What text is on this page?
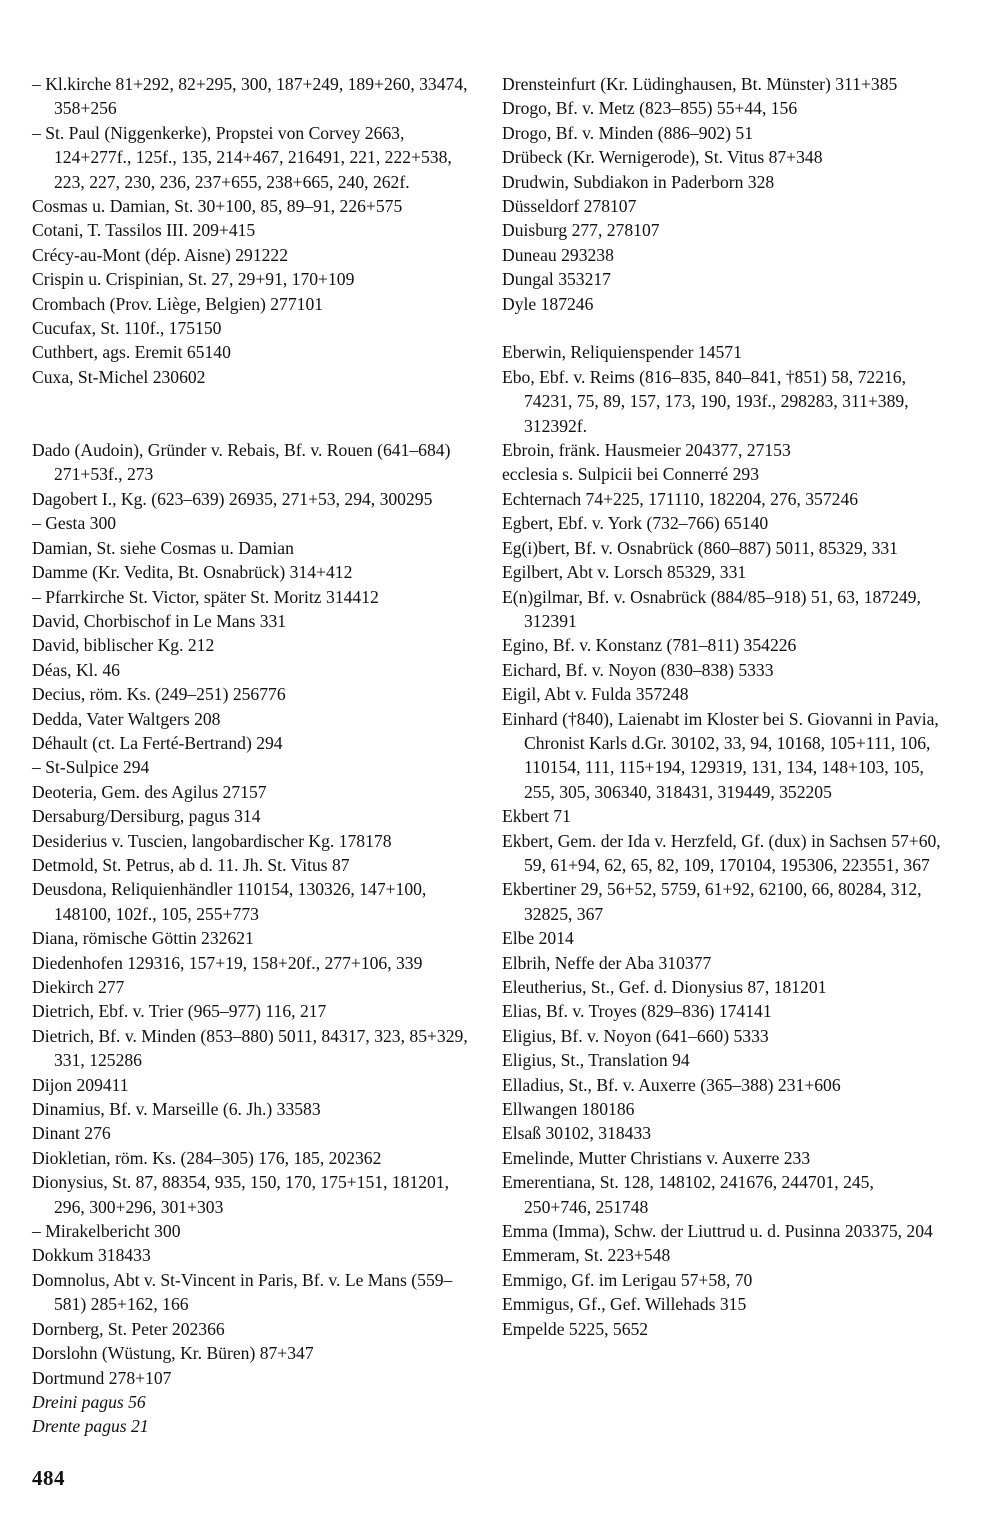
– Kl.kirche 81+292, 82+295, 300, 187+249, 189+260, 33474, 358+256
– St. Paul (Niggenkerke), Propstei von Corvey 2663, 124+277f., 125f., 135, 214+467, 216491, 221, 222+538, 223, 227, 230, 236, 237+655, 238+665, 240, 262f.
Cosmas u. Damian, St. 30+100, 85, 89–91, 226+575
Cotani, T. Tassilos III. 209+415
Crécy-au-Mont (dép. Aisne) 291222
Crispin u. Crispinian, St. 27, 29+91, 170+109
Crombach (Prov. Liège, Belgien) 277101
Cucufax, St. 110f., 175150
Cuthbert, ags. Eremit 65140
Cuxa, St-Michel 230602
Dado (Audoin), Gründer v. Rebais, Bf. v. Rouen (641–684) 271+53f., 273
Dagobert I., Kg. (623–639) 26935, 271+53, 294, 300295
– Gesta 300
Damian, St. siehe Cosmas u. Damian
Damme (Kr. Vedita, Bt. Osnabrück) 314+412
– Pfarrkirche St. Victor, später St. Moritz 314412
David, Chorbischof in Le Mans 331
David, biblischer Kg. 212
Déas, Kl. 46
Decius, röm. Ks. (249–251) 256776
Dedda, Vater Waltgers 208
Déhault (ct. La Ferté-Bertrand) 294
– St-Sulpice 294
Deoteria, Gem. des Agilus 27157
Dersaburg/Dersiburg, pagus 314
Desiderius v. Tuscien, langobardischer Kg. 178178
Detmold, St. Petrus, ab d. 11. Jh. St. Vitus 87
Deusdona, Reliquienhändler 110154, 130326, 147+100, 148100, 102f., 105, 255+773
Diana, römische Göttin 232621
Diedenhofen 129316, 157+19, 158+20f., 277+106, 339
Diekirch 277
Dietrich, Ebf. v. Trier (965–977) 116, 217
Dietrich, Bf. v. Minden (853–880) 5011, 84317, 323, 85+329, 331, 125286
Dijon 209411
Dinamius, Bf. v. Marseille (6. Jh.) 33583
Dinant 276
Diokletian, röm. Ks. (284–305) 176, 185, 202362
Dionysius, St. 87, 88354, 935, 150, 170, 175+151, 181201, 296, 300+296, 301+303
– Mirakelbericht 300
Dokkum 318433
Domnolus, Abt v. St-Vincent in Paris, Bf. v. Le Mans (559–581) 285+162, 166
Dornberg, St. Peter 202366
Dorslohn (Wüstung, Kr. Büren) 87+347
Dortmund 278+107
Dreini pagus 56
Drente pagus 21
Drensteinfurt (Kr. Lüdinghausen, Bt. Münster) 311+385
Drogo, Bf. v. Metz (823–855) 55+44, 156
Drogo, Bf. v. Minden (886–902) 51
Drübeck (Kr. Wernigerode), St. Vitus 87+348
Drudwin, Subdiakon in Paderborn 328
Düsseldorf 278107
Duisburg 277, 278107
Duneau 293238
Dungal 353217
Dyle 187246
Eberwin, Reliquienspender 14571
Ebo, Ebf. v. Reims (816–835, 840–841, †851) 58, 72216, 74231, 75, 89, 157, 173, 190, 193f., 298283, 311+389, 312392f.
Ebroin, fränk. Hausmeier 204377, 27153
ecclesia s. Sulpicii bei Connerré 293
Echternach 74+225, 171110, 182204, 276, 357246
Egbert, Ebf. v. York (732–766) 65140
Eg(i)bert, Bf. v. Osnabrück (860–887) 5011, 85329, 331
Egilbert, Abt v. Lorsch 85329, 331
E(n)gilmar, Bf. v. Osnabrück (884/85–918) 51, 63, 187249, 312391
Egino, Bf. v. Konstanz (781–811) 354226
Eichard, Bf. v. Noyon (830–838) 5333
Eigil, Abt v. Fulda 357248
Einhard (†840), Laienabt im Kloster bei S. Giovanni in Pavia, Chronist Karls d.Gr. 30102, 33, 94, 10168, 105+111, 106, 110154, 111, 115+194, 129319, 131, 134, 148+103, 105, 255, 305, 306340, 318431, 319449, 352205
Ekbert 71
Ekbert, Gem. der Ida v. Herzfeld, Gf. (dux) in Sachsen 57+60, 59, 61+94, 62, 65, 82, 109, 170104, 195306, 223551, 367
Ekbertiner 29, 56+52, 5759, 61+92, 62100, 66, 80284, 312, 32825, 367
Elbe 2014
Elbrih, Neffe der Aba 310377
Eleutherius, St., Gef. d. Dionysius 87, 181201
Elias, Bf. v. Troyes (829–836) 174141
Eligius, Bf. v. Noyon (641–660) 5333
Eligius, St., Translation 94
Elladius, St., Bf. v. Auxerre (365–388) 231+606
Ellwangen 180186
Elsaß 30102, 318433
Emelinde, Mutter Christians v. Auxerre 233
Emerentiana, St. 128, 148102, 241676, 244701, 245, 250+746, 251748
Emma (Imma), Schw. der Liuttrud u. d. Pusinna 203375, 204
Emmeram, St. 223+548
Emmigo, Gf. im Lerigau 57+58, 70
Emmigus, Gf., Gef. Willehads 315
Empelde 5225, 5652
484
